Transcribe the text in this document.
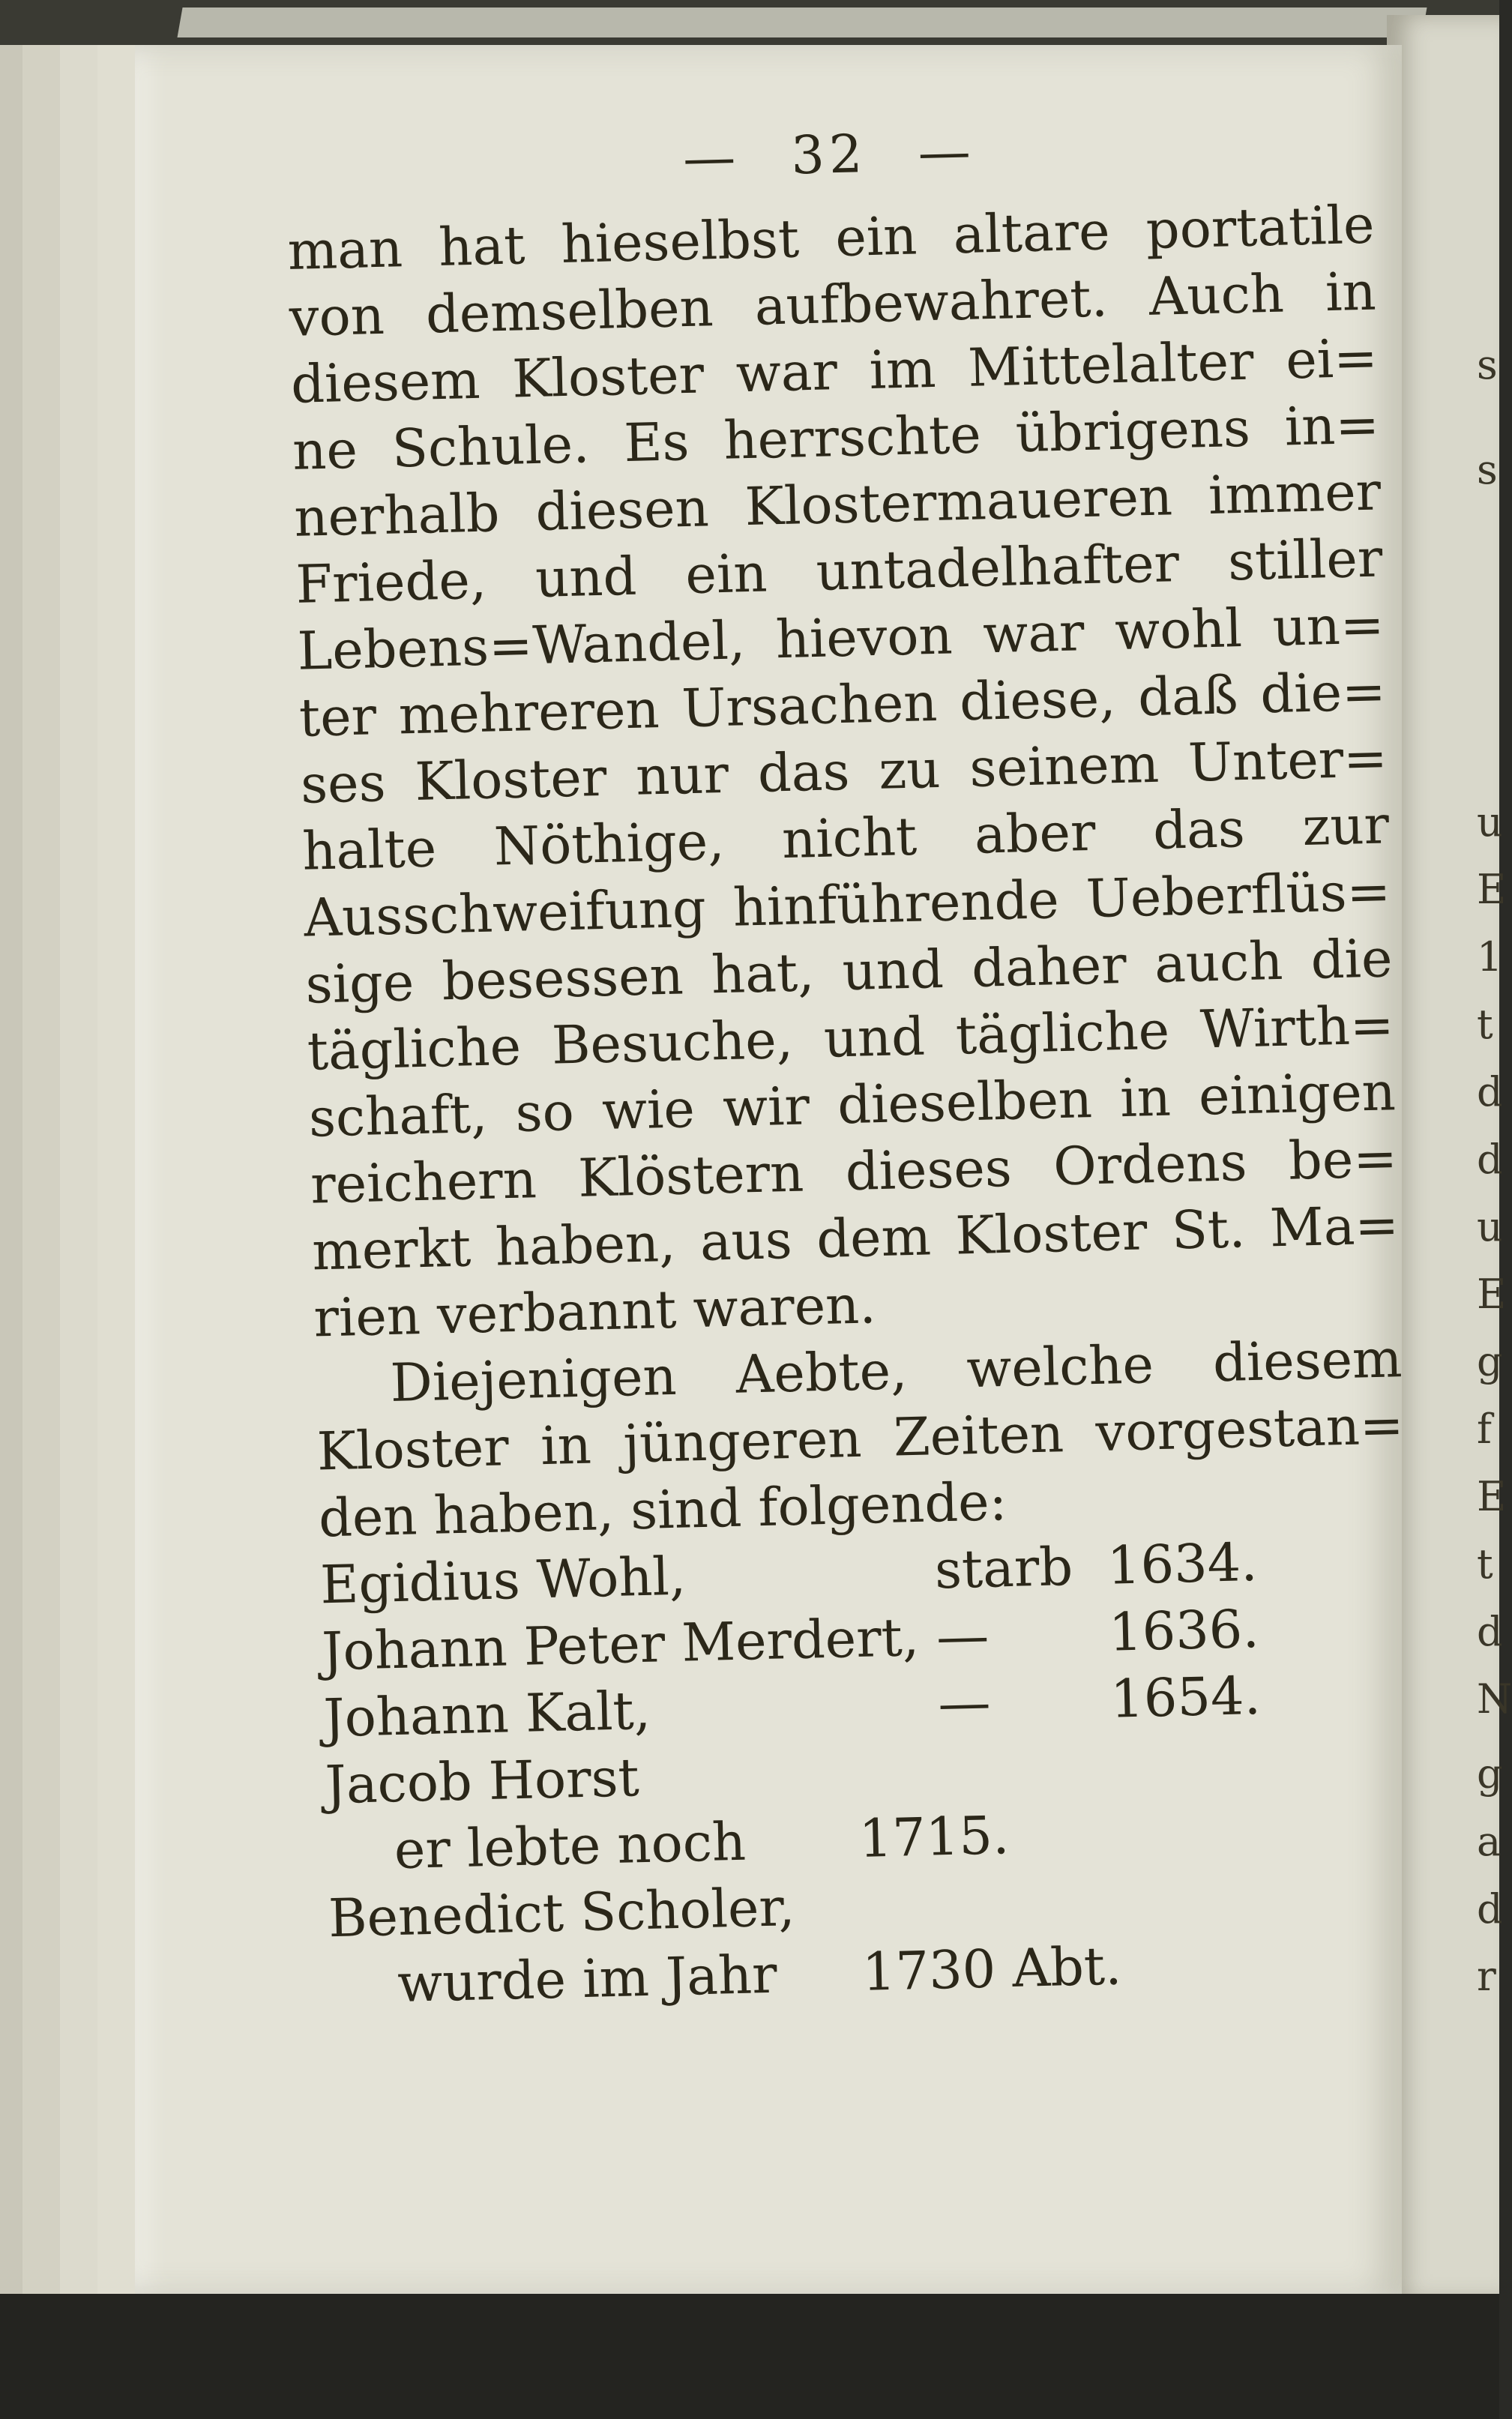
s
s
u
E
1
t
d
d
u
E
g
f
E
t
d
N
g
a
d
r
— 32 —
man hat hieselbst ein altare portatile
von demselben aufbewahret. Auch in
diesem Kloster war im Mittelalter ei=
ne Schule. Es herrschte übrigens in=
nerhalb diesen Klostermaueren immer
Friede, und ein untadelhafter stiller
Lebens=Wandel, hievon war wohl un=
ter mehreren Ursachen diese, daß die=
ses Kloster nur das zu seinem Unter=
halte Nöthige, nicht aber das zur
Ausschweifung hinführende Ueberflüs=
sige besessen hat, und daher auch die
tägliche Besuche, und tägliche Wirth=
schaft, so wie wir dieselben in einigen
reichern Klöstern dieses Ordens be=
merkt haben, aus dem Kloster St. Ma=
rien verbannt waren.
Diejenigen Aebte, welche diesem
Kloster in jüngeren Zeiten vorgestan=
den haben, sind folgende:
Egidius Wohl,	starb 1634.
Johann Peter Merdert, —	1636.
Johann Kalt,	—	1654.
Jacob Horst
er lebte noch	1715.
Benedict Scholer,
wurde im Jahr	1730 Abt.
